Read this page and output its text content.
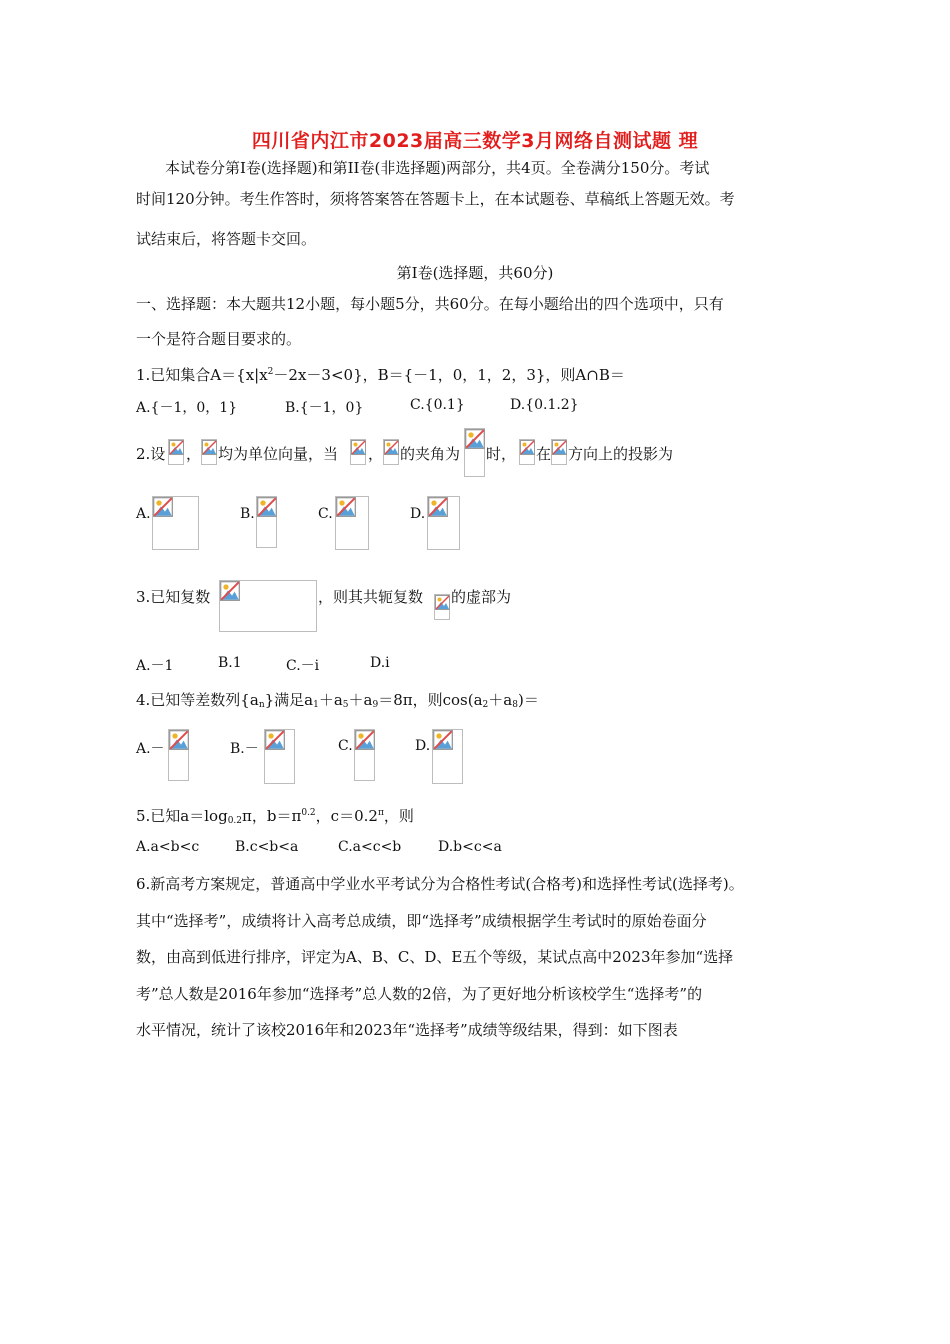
四川省内江市2023届高三数学3月网络自测试题 理
本试卷分第Ⅰ卷(选择题)和第II卷(非选择题)两部分，共4页。全卷满分150分。考试
时间120分钟。考生作答时，须将答案答在答题卡上，在本试题卷、草稿纸上答题无效。考
试结束后，将答题卡交回。
第Ⅰ卷(选择题，共60分)
一、选择题：本大题共12小题，每小题5分，共60分。在每小题给出的四个选项中，只有
一个是符合题目要求的。
1.已知集合$A=\{x|x^2-2x-3<0\}$，B＝{－1，0，1，2，3}，则A∩B＝
A.{－1，0，1}	B.{－1，0}	C.{0.1}	D.{0.1.2}
2.设 ， 均为单位向量，当 ， 的夹角为 时， 在 方向上的投影为
A.	B.	C.	D.
3.已知复数	，则其共轭复数 的虚部为
A.－1	B.1	C.－i	D.i
4.已知等差数列$\{a_n\}$满足$a_1+a_5+a_9=8\pi$，则$\cos(a_2+a_8)=$
A.－	B.－	C.	D.
5.已知$a=\log_{0.2}\pi$，$b=\pi^{0.2}$，$c=0.2^\pi$，则
A.a<b<c	B.c<b<a	C.a<c<b	D.b<c<a
6.新高考方案规定，普通高中学业水平考试分为合格性考试(合格考)和选择性考试(选择考)。
其中“选择考”，成绩将计入高考总成绩，即“选择考”成绩根据学生考试时的原始卷面分
数，由高到低进行排序，评定为A、B、C、D、E五个等级，某试点高中2023年参加“选择
考”总人数是2016年参加“选择考”总人数的2倍，为了更好地分析该校学生“选择考”的
水平情况，统计了该校2016年和2023年“选择考”成绩等级结果，得到：如下图表
